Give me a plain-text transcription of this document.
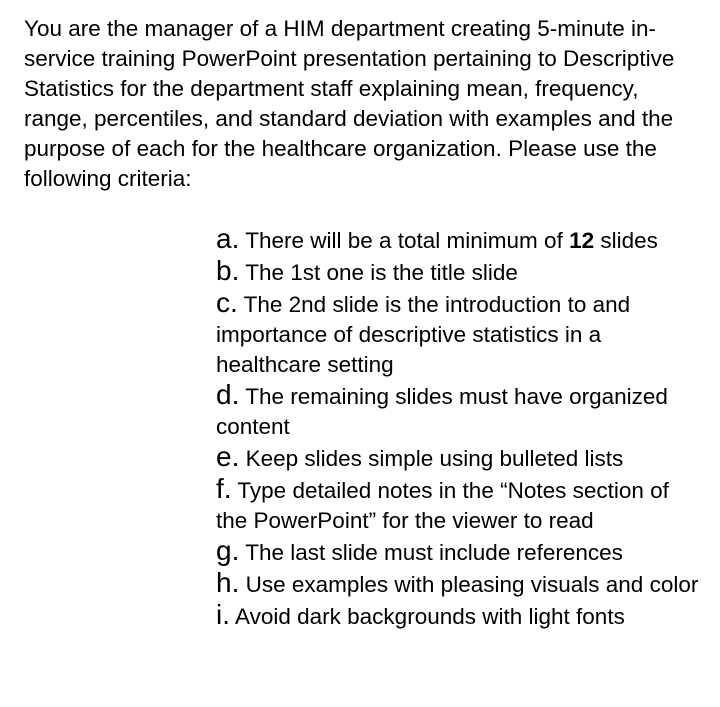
You are the manager of a HIM department creating 5-minute in-service training PowerPoint presentation pertaining to Descriptive Statistics for the department staff explaining mean, frequency, range, percentiles, and standard deviation with examples and the purpose of each for the healthcare organization. Please use the following criteria:

a. There will be a total minimum of 12 slides
b. The 1st one is the title slide
c. The 2nd slide is the introduction to and importance of descriptive statistics in a healthcare setting
d. The remaining slides must have organized content
e. Keep slides simple using bulleted lists
f. Type detailed notes in the “Notes section of the PowerPoint” for the viewer to read
g. The last slide must include references
h. Use examples with pleasing visuals and color
i. Avoid dark backgrounds with light fonts
